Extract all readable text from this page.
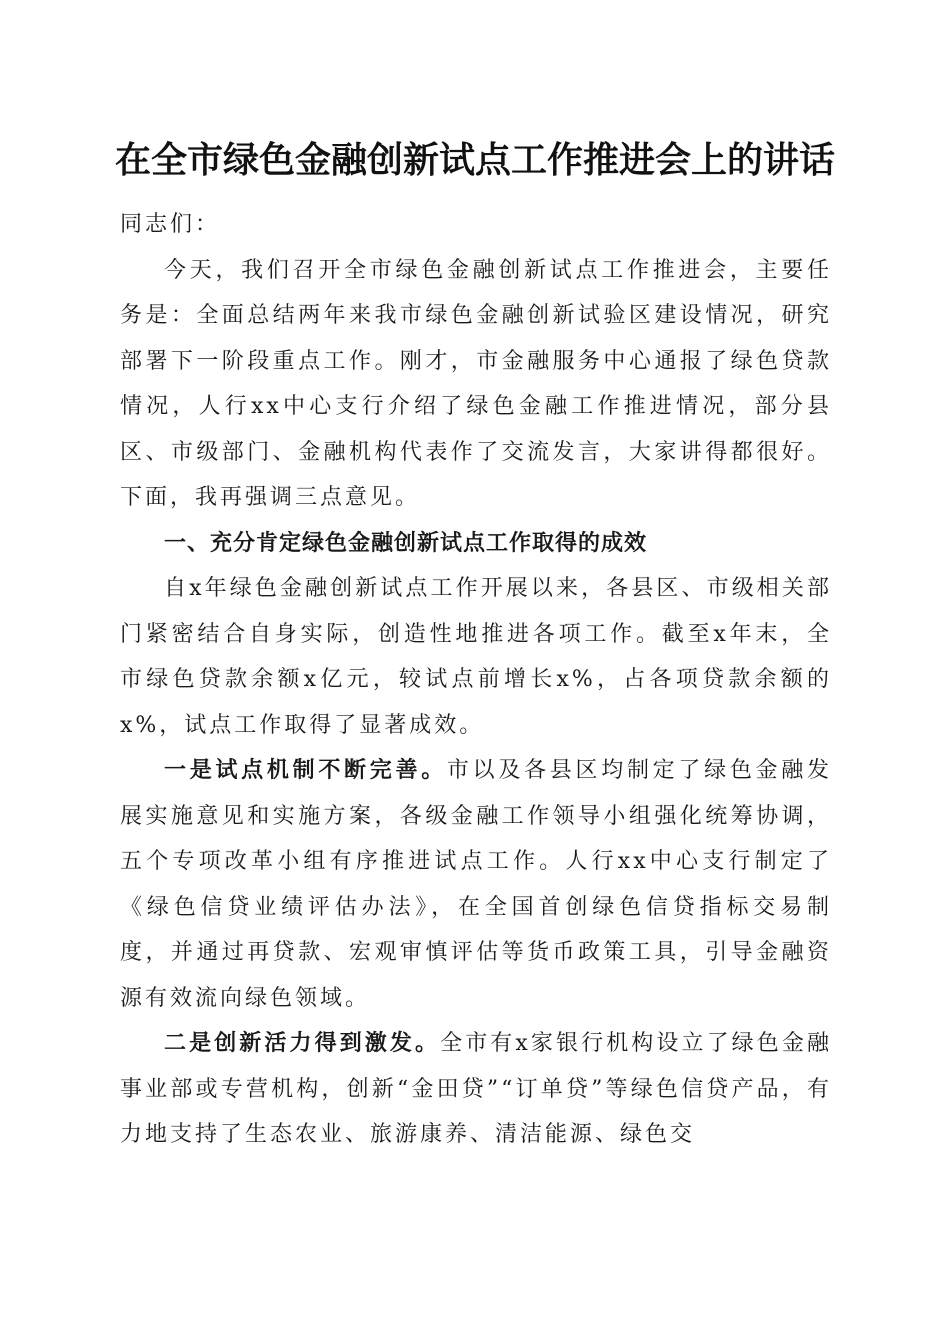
在全市绿色金融创新试点工作推进会上的讲话

同志们：

今天，我们召开全市绿色金融创新试点工作推进会，主要任务是：全面总结两年来我市绿色金融创新试验区建设情况，研究部署下一阶段重点工作。刚才，市金融服务中心通报了绿色贷款情况，人行xx中心支行介绍了绿色金融工作推进情况，部分县区、市级部门、金融机构代表作了交流发言，大家讲得都很好。下面，我再强调三点意见。

一、充分肯定绿色金融创新试点工作取得的成效

自x年绿色金融创新试点工作开展以来，各县区、市级相关部门紧密结合自身实际，创造性地推进各项工作。截至x年末，全市绿色贷款余额x亿元，较试点前增长x%，占各项贷款余额的x%，试点工作取得了显著成效。

一是试点机制不断完善。市以及各县区均制定了绿色金融发展实施意见和实施方案，各级金融工作领导小组强化统筹协调，五个专项改革小组有序推进试点工作。人行xx中心支行制定了《绿色信贷业绩评估办法》，在全国首创绿色信贷指标交易制度，并通过再贷款、宏观审慎评估等货币政策工具，引导金融资源有效流向绿色领域。

二是创新活力得到激发。全市有x家银行机构设立了绿色金融事业部或专营机构，创新“金田贷”“订单贷”等绿色信贷产品，有力地支持了生态农业、旅游康养、清洁能源、绿色交
